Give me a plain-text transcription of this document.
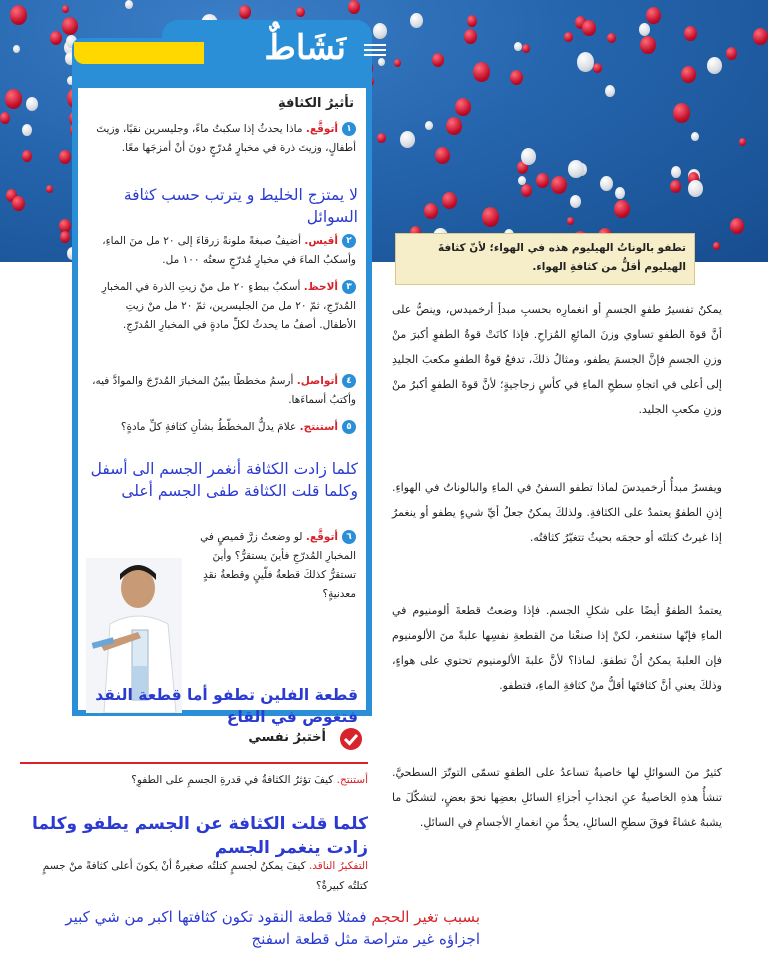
تطفو بالوناتُ الهيليوم هذه في الهواء؛ لأنّ كثافةَ الهيليوم أقلُّ من كثافةِ الهواء.
نَشَاطٌ
تأثيرُ الكثافةِ
١أتوقَّع. ماذا يحدثُ إذا سكبتُ ماءً، وجليسرين نقيًا، وزيتَ أطفالٍ، وزيتَ ذرة في مخبارٍ مُدرّجٍ دونَ أنْ أمزجَها معًا.
لا يمتزج الخليط و يترتب حسب كثافة السوائل
٢أقيس. أضيفُ صبغةً ملونةً زرقاءَ إلى ٢٠ مل منَ الماءِ، وأسكبُ الماءَ في مخبارٍ مُدرّجٍ سعتُه ١٠٠ مل.
٣ألاحظ. أسكبُ ببطءٍ ٢٠ مل منْ زيتِ الذرة في المخبارِ المُدرّجِ، ثمّ ٢٠ مل منَ الجليسرين، ثمّ ٢٠ مل منْ زيتِ الأطفال. أصفُ ما يحدثُ لكلِّ مادةٍ في المخبارِ المُدرّجِ.
٤أتواصل. أرسمُ مخططًا يبيّنُ المخبارَ المُدرّجَ والموادَّ فيه، وأكتبُ أسماءَها.
٥أستنتج. علامَ يدلُّ المخطّطُ بشأنِ كثافةِ كلِّ مادةٍ؟
كلما زادت الكثافة أنغمر الجسم الى أسفل وكلما قلت الكثافة طفى الجسم أعلى
٦أتوقَّع. لو وضعتُ زرَّ قميصٍ في المخبارِ المُدرّجِ فأينَ يستقرُّ؟ وأينَ تستقرُّ كذلكَ قطعةُ فلّينٍ وقطعةُ نقدٍ معدنيةٍ؟
قطعة الفلين تطفو أما قطعة النقد فتغوص في القاع
أختبرُ نفسي
أستنتج. كيفَ تؤثرُ الكثافةُ في قدرةِ الجسمِ على الطفوِ؟
كلما قلت الكثافة عن الجسم يطفو وكلما زادت ينغمر الجسم
التفكيرُ الناقد. كيفَ يمكنُ لجسمٍ كتلتُه صغيرةٌ أنْ يكونَ أعلى كثافةً منْ جسمٍ كتلتُه كبيرةٌ؟
بسبب تغير الحجم فمثلا قطعة النقود تكون كثافتها اكبر من شي كبير اجزاؤه غير متراصة مثل قطعة اسفنج
يمكنُ تفسيرُ طفوِ الجسمِ أو انغمارِه بحسبِ مبدأِ أرخميدس، وينصُّ على أنَّ قوةَ الطفوِ تساوي وزنَ المائعِ المُزاحِ. فإذا كانَتْ قوةُ الطفوِ أكبرَ منْ وزنِ الجسمِ فإنَّ الجسمَ يطفو، ومثالُ ذلكَ، تدفعُ قوةُ الطفوِ مكعبَ الجليدِ إلى أعلى في اتجاهِ سطحِ الماءِ في كأسٍ زجاجيةٍ؛ لأنَّ قوةَ الطفوِ أكبرُ منْ وزنِ مكعبِ الجليد.
ويفسرُ مبدأُ أرخميدسَ لماذا تطفو السفنُ في الماءِ والبالوناتُ في الهواءِ. إذنِ الطفوُ يعتمدُ على الكثافةِ. ولذلكَ يمكنُ جعلُ أيِّ شيءٍ يطفو أو ينغمرُ إذا غيرتُ كتلتَه أو حجمَه بحيثُ تتغيّرُ كثافتُه.
يعتمدُ الطفوُ أيضًا على شكلِ الجسم. فإذا وضعتُ قطعةَ ألومنيوم في الماءِ فإنّها ستنغمر، لكنْ إذا صنعْنا منَ القطعةِ نفسِها علبةً منَ الألومنيوم فإن العلبةَ يمكنُ أنْ تطفوَ. لماذا؟ لأنَّ علبةَ الألومنيوم تحتوي على هواءٍ، وذلكَ يعني أنَّ كثافتَها أقلُّ منْ كثافةِ الماءِ، فتطفو.
كثيرٌ منَ السوائلِ لها خاصيةٌ تساعدُ على الطفوِ تسمّى التوتّرَ السطحيَّ. تنشأُ هذهِ الخاصيةُ عنِ انجذابِ أجزاءِ السائلِ بعضِها نحوَ بعضٍ، لتشكّلَ ما يشبهُ غشاءً فوقَ سطحِ السائلِ، يحدُّ منِ انغمارِ الأجسامِ في السائلِ.
